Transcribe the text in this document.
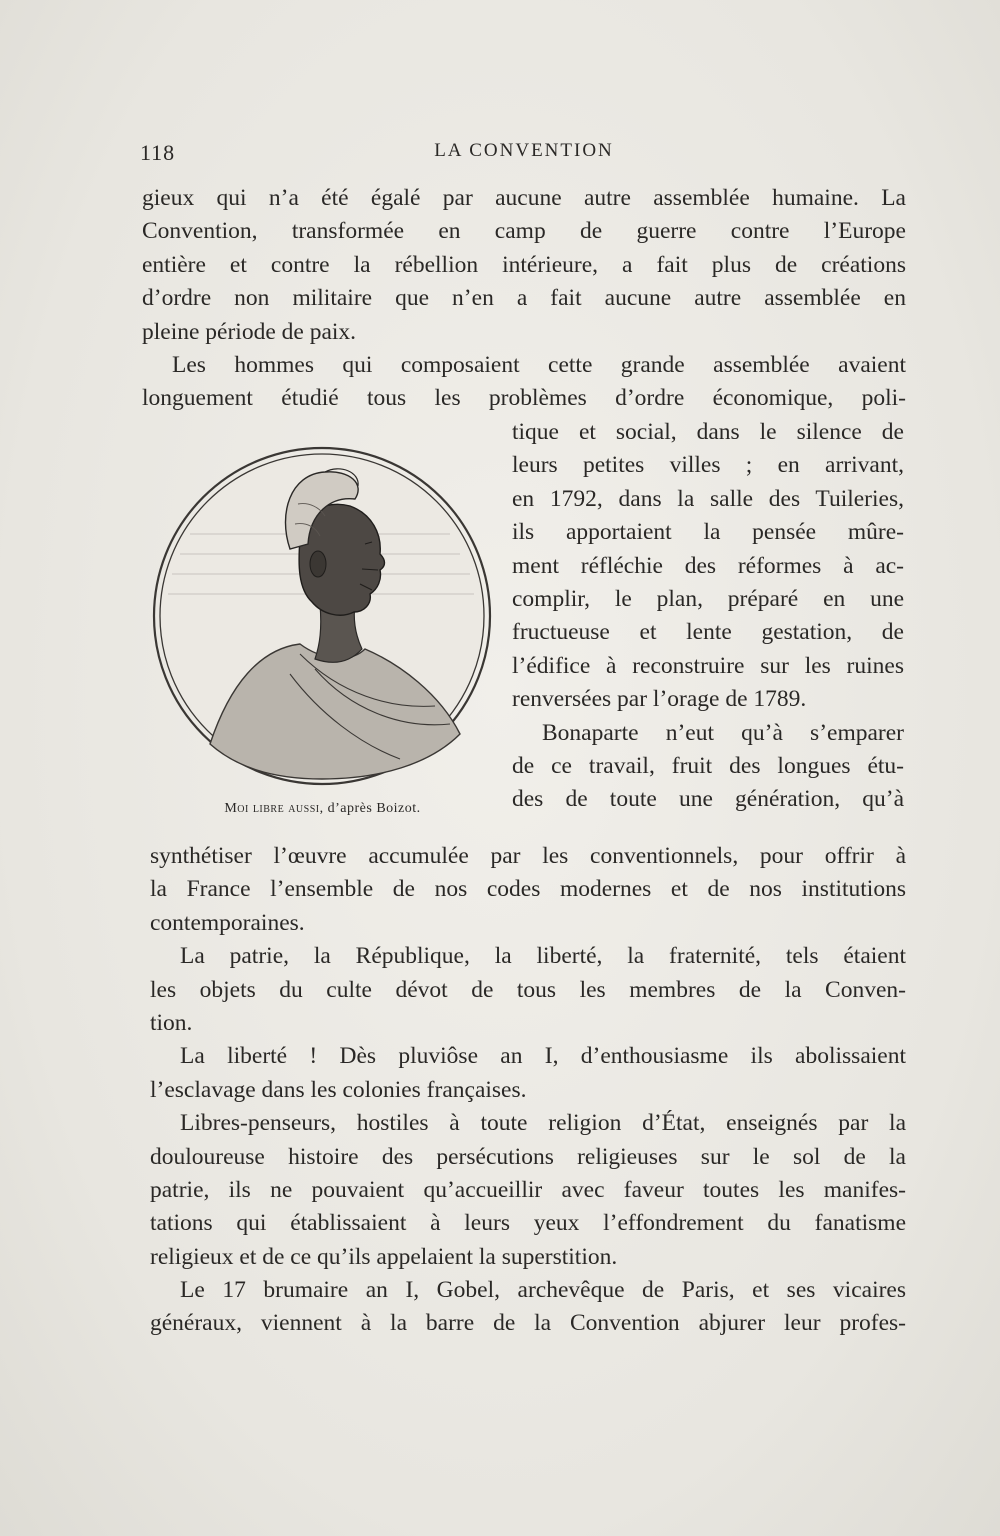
118	LA CONVENTION
gieux qui n’a été égalé par aucune autre assemblée humaine. La
Convention, transformée en camp de guerre contre l’Europe
entière et contre la rébellion intérieure, a fait plus de créations
d’ordre non militaire que n’en a fait aucune autre assemblée en
pleine période de paix.
Les hommes qui composaient cette grande assemblée avaient
longuement étudié tous les problèmes d’ordre économique, poli-
Moi libre aussi, d’après Boizot.
tique et social, dans le silence de
leurs petites villes ; en arrivant,
en 1792, dans la salle des Tuileries,
ils apportaient la pensée mûre-
ment réfléchie des réformes à ac-
complir, le plan, préparé en une
fructueuse et lente gestation, de
l’édifice à reconstruire sur les ruines
renversées par l’orage de 1789.
Bonaparte n’eut qu’à s’emparer
de ce travail, fruit des longues étu-
des de toute une génération, qu’à
synthétiser l’œuvre accumulée par les conventionnels, pour offrir à
la France l’ensemble de nos codes modernes et de nos institutions
contemporaines.
La patrie, la République, la liberté, la fraternité, tels étaient
les objets du culte dévot de tous les membres de la Conven-
tion.
La liberté ! Dès pluviôse an I, d’enthousiasme ils abolissaient
l’esclavage dans les colonies françaises.
Libres-penseurs, hostiles à toute religion d’État, enseignés par la
douloureuse histoire des persécutions religieuses sur le sol de la
patrie, ils ne pouvaient qu’accueillir avec faveur toutes les manifes-
tations qui établissaient à leurs yeux l’effondrement du fanatisme
religieux et de ce qu’ils appelaient la superstition.
Le 17 brumaire an I, Gobel, archevêque de Paris, et ses vicaires
généraux, viennent à la barre de la Convention abjurer leur profes-
